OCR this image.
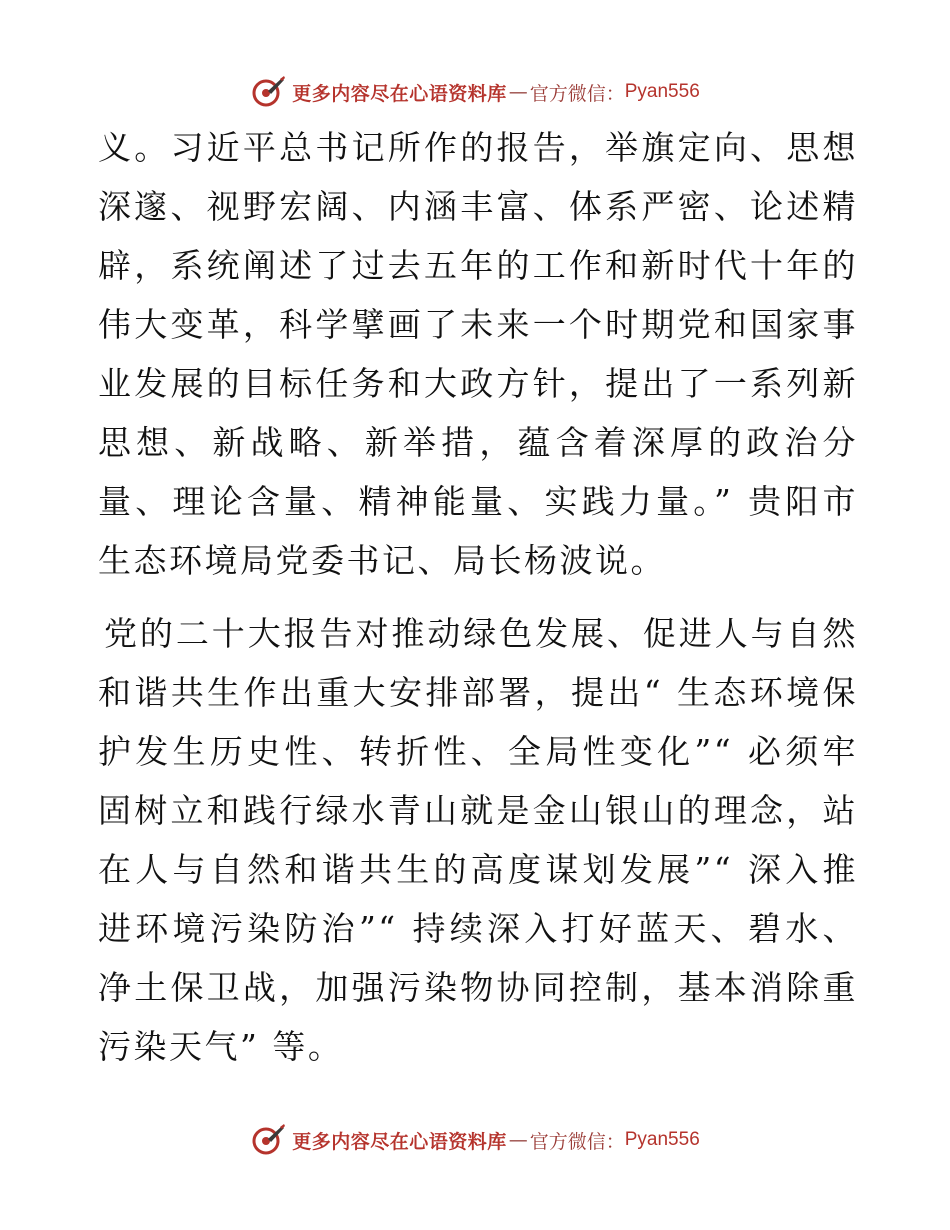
更多内容尽在心语资料库 — 官方微信： Pyan556

义。习近平总书记所作的报告，举旗定向、思想深邃、视野宏阔、内涵丰富、体系严密、论述精辟，系统阐述了过去五年的工作和新时代十年的伟大变革，科学擘画了未来一个时期党和国家事业发展的目标任务和大政方针，提出了一系列新思想、新战略、新举措，蕴含着深厚的政治分量、理论含量、精神能量、实践力量。” 贵阳市生态环境局党委书记、局长杨波说。

党的二十大报告对推动绿色发展、促进人与自然和谐共生作出重大安排部署，提出“ 生态环境保护发生历史性、转折性、全局性变化”“ 必须牢固树立和践行绿水青山就是金山银山的理念，站在人与自然和谐共生的高度谋划发展”“ 深入推进环境污染防治”“ 持续深入打好蓝天、碧水、净土保卫战，加强污染物协同控制，基本消除重污染天气” 等。

更多内容尽在心语资料库 — 官方微信： Pyan556
